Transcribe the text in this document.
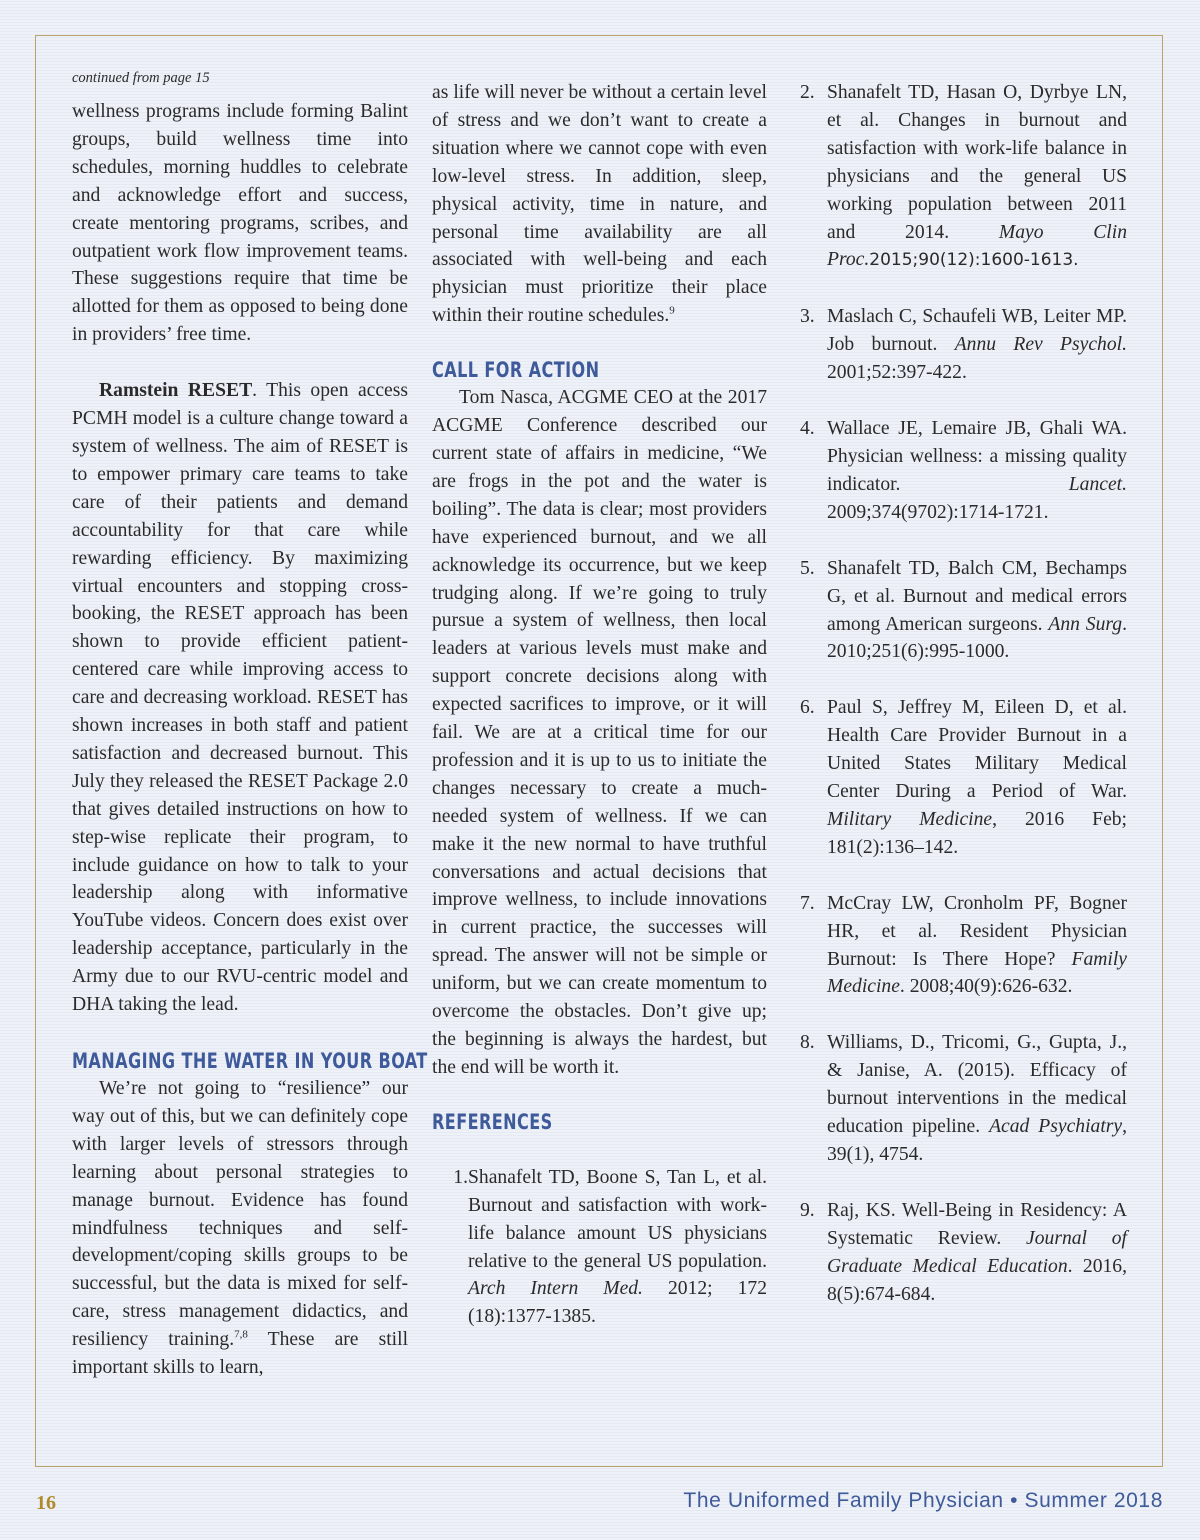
continued from page 15

wellness programs include forming Balint groups, build wellness time into schedules, morning huddles to celebrate and acknowledge effort and success, create mentoring programs, scribes, and outpatient work flow improvement teams. These suggestions require that time be allotted for them as opposed to being done in providers’ free time.

Ramstein RESET. This open access PCMH model is a culture change toward a system of wellness. The aim of RESET is to empower primary care teams to take care of their patients and demand accountability for that care while rewarding efficiency. By maximizing virtual encounters and stopping cross-booking, the RESET approach has been shown to provide efficient patient-centered care while improving access to care and decreasing workload. RESET has shown increases in both staff and patient satisfaction and decreased burnout. This July they released the RESET Package 2.0 that gives detailed instructions on how to step-wise replicate their program, to include guidance on how to talk to your leadership along with informative YouTube videos. Concern does exist over leadership acceptance, particularly in the Army due to our RVU-centric model and DHA taking the lead.

MANAGING THE WATER IN YOUR BOAT

We’re not going to “resilience” our way out of this, but we can definitely cope with larger levels of stressors through learning about personal strategies to manage burnout. Evidence has found mindfulness techniques and self-development/coping skills groups to be successful, but the data is mixed for self-care, stress management didactics, and resiliency training.$^{7,8}$ These are still important skills to learn,

as life will never be without a certain level of stress and we don’t want to create a situation where we cannot cope with even low-level stress. In addition, sleep, physical activity, time in nature, and personal time availability are all associated with well-being and each physician must prioritize their place within their routine schedules.$^9$

CALL FOR ACTION

Tom Nasca, ACGME CEO at the 2017 ACGME Conference described our current state of affairs in medicine, “We are frogs in the pot and the water is boiling”. The data is clear; most providers have experienced burnout, and we all acknowledge its occurrence, but we keep trudging along. If we’re going to truly pursue a system of wellness, then local leaders at various levels must make and support concrete decisions along with expected sacrifices to improve, or it will fail. We are at a critical time for our profession and it is up to us to initiate the changes necessary to create a much-needed system of wellness. If we can make it the new normal to have truthful conversations and actual decisions that improve wellness, to include innovations in current practice, the successes will spread. The answer will not be simple or uniform, but we can create momentum to overcome the obstacles. Don’t give up; the beginning is always the hardest, but the end will be worth it.

REFERENCES
1. Shanafelt TD, Boone S, Tan L, et al. Burnout and satisfaction with work-life balance amount US physicians relative to the general US population. Arch Intern Med. 2012; 172 (18):1377-1385.
2. Shanafelt TD, Hasan O, Dyrbye LN, et al. Changes in burnout and satisfaction with work-life balance in physicians and the general US working population between 2011 and 2014. Mayo Clin Proc.2015;90(12):1600-1613.
3. Maslach C, Schaufeli WB, Leiter MP. Job burnout. Annu Rev Psychol. 2001;52:397-422.
4. Wallace JE, Lemaire JB, Ghali WA. Physician wellness: a missing quality indicator. Lancet. 2009;374(9702):1714-1721.
5. Shanafelt TD, Balch CM, Bechamps G, et al. Burnout and medical errors among American surgeons. Ann Surg. 2010;251(6):995-1000.
6. Paul S, Jeffrey M, Eileen D, et al. Health Care Provider Burnout in a United States Military Medical Center During a Period of War. Military Medicine, 2016 Feb; 181(2):136–142.
7. McCray LW, Cronholm PF, Bogner HR, et al. Resident Physician Burnout: Is There Hope? Family Medicine. 2008;40(9):626-632.
8. Williams, D., Tricomi, G., Gupta, J., & Janise, A. (2015). Efficacy of burnout interventions in the medical education pipeline. Acad Psychiatry, 39(1), 4754.
9. Raj, KS. Well-Being in Residency: A Systematic Review. Journal of Graduate Medical Education. 2016, 8(5):674-684.
16	The Uniformed Family Physician • Summer 2018
